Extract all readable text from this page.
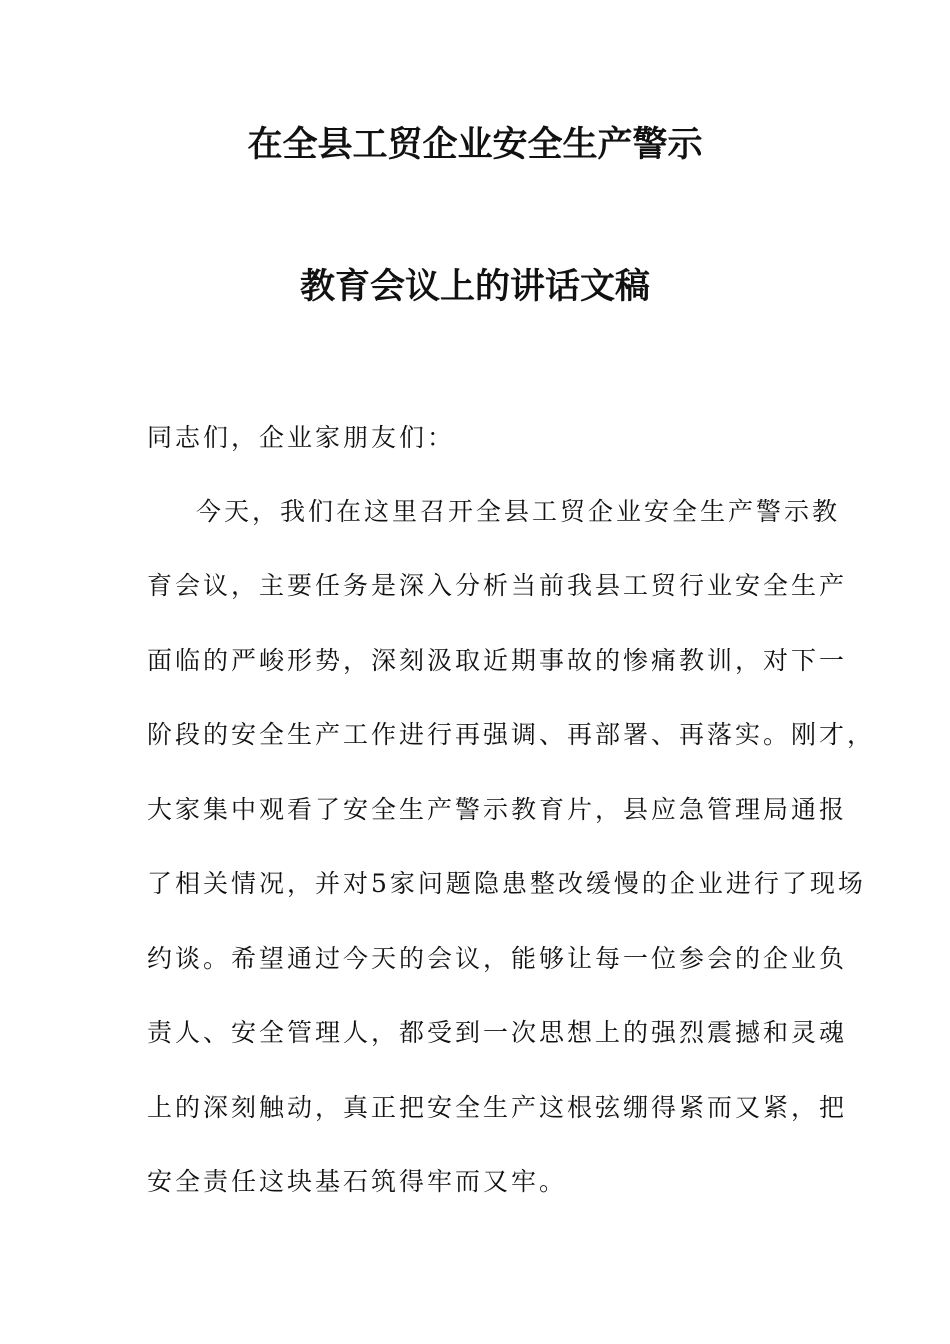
在全县工贸企业安全生产警示
教育会议上的讲话文稿

同志们，企业家朋友们：

今天，我们在这里召开全县工贸企业安全生产警示教

育会议，主要任务是深入分析当前我县工贸行业安全生产

面临的严峻形势，深刻汲取近期事故的惨痛教训，对下一

阶段的安全生产工作进行再强调、再部署、再落实。刚才，

大家集中观看了安全生产警示教育片，县应急管理局通报

了相关情况，并对5家问题隐患整改缓慢的企业进行了现场

约谈。希望通过今天的会议，能够让每一位参会的企业负

责人、安全管理人，都受到一次思想上的强烈震撼和灵魂

上的深刻触动，真正把安全生产这根弦绷得紧而又紧，把

安全责任这块基石筑得牢而又牢。
